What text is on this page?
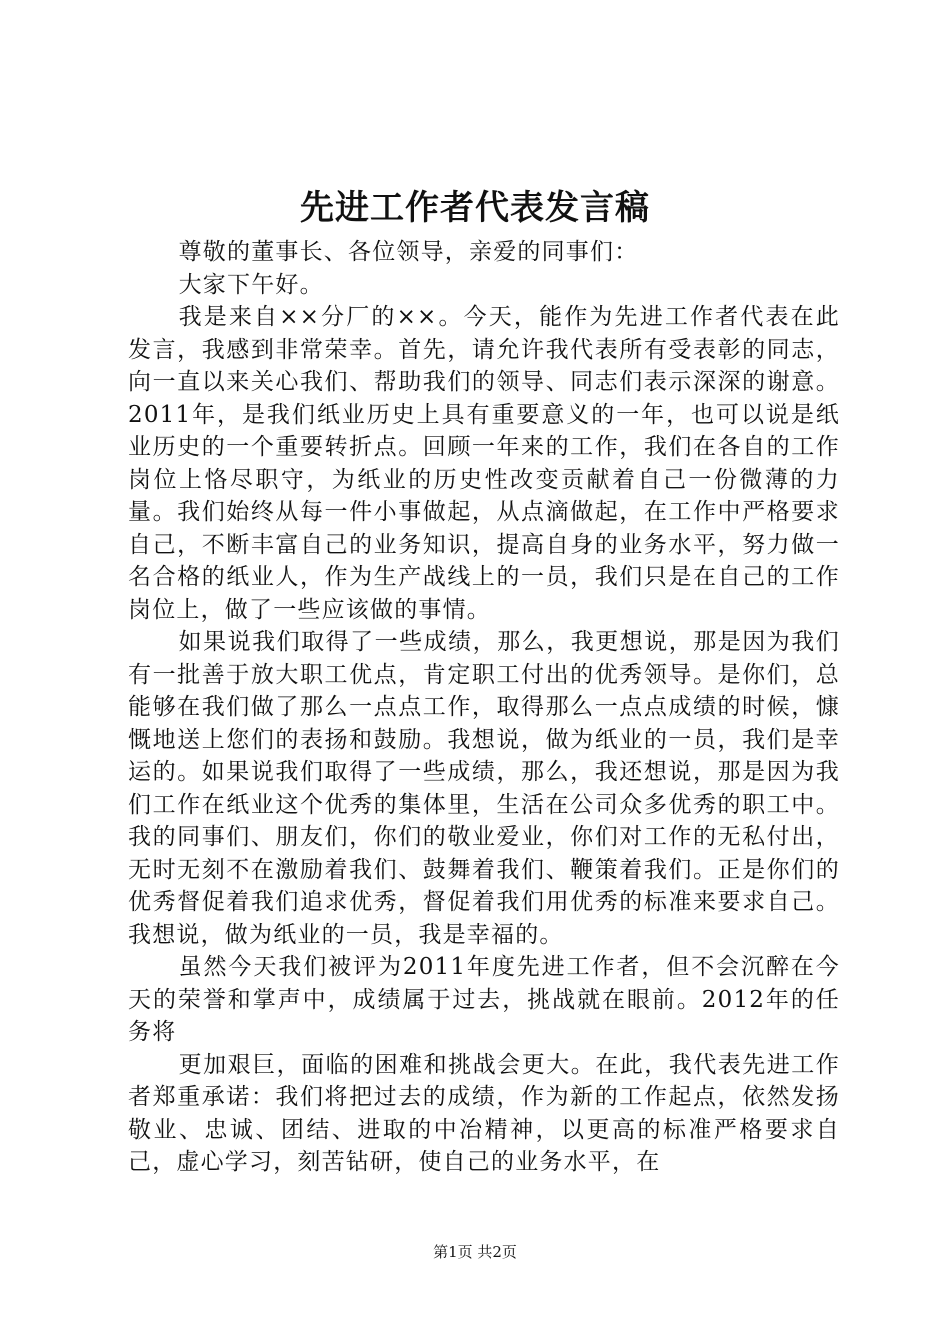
先进工作者代表发言稿

尊敬的董事长、各位领导，亲爱的同事们：

大家下午好。

我是来自××分厂的××。今天，能作为先进工作者代表在此发言，我感到非常荣幸。首先，请允许我代表所有受表彰的同志，向一直以来关心我们、帮助我们的领导、同志们表示深深的谢意。2011年，是我们纸业历史上具有重要意义的一年，也可以说是纸业历史的一个重要转折点。回顾一年来的工作，我们在各自的工作岗位上恪尽职守，为纸业的历史性改变贡献着自己一份微薄的力量。我们始终从每一件小事做起，从点滴做起，在工作中严格要求自己，不断丰富自己的业务知识，提高自身的业务水平，努力做一名合格的纸业人，作为生产战线上的一员，我们只是在自己的工作岗位上，做了一些应该做的事情。

如果说我们取得了一些成绩，那么，我更想说，那是因为我们有一批善于放大职工优点，肯定职工付出的优秀领导。是你们，总能够在我们做了那么一点点工作，取得那么一点点成绩的时候，慷慨地送上您们的表扬和鼓励。我想说，做为纸业的一员，我们是幸运的。如果说我们取得了一些成绩，那么，我还想说，那是因为我们工作在纸业这个优秀的集体里，生活在公司众多优秀的职工中。我的同事们、朋友们，你们的敬业爱业，你们对工作的无私付出，无时无刻不在激励着我们、鼓舞着我们、鞭策着我们。正是你们的优秀督促着我们追求优秀，督促着我们用优秀的标准来要求自己。我想说，做为纸业的一员，我是幸福的。

虽然今天我们被评为2011年度先进工作者，但不会沉醉在今天的荣誉和掌声中，成绩属于过去，挑战就在眼前。2012年的任务将

更加艰巨，面临的困难和挑战会更大。在此，我代表先进工作者郑重承诺：我们将把过去的成绩，作为新的工作起点，依然发扬敬业、忠诚、团结、进取的中冶精神，以更高的标准严格要求自己，虚心学习，刻苦钻研，使自己的业务水平，在

第1页 共2页
